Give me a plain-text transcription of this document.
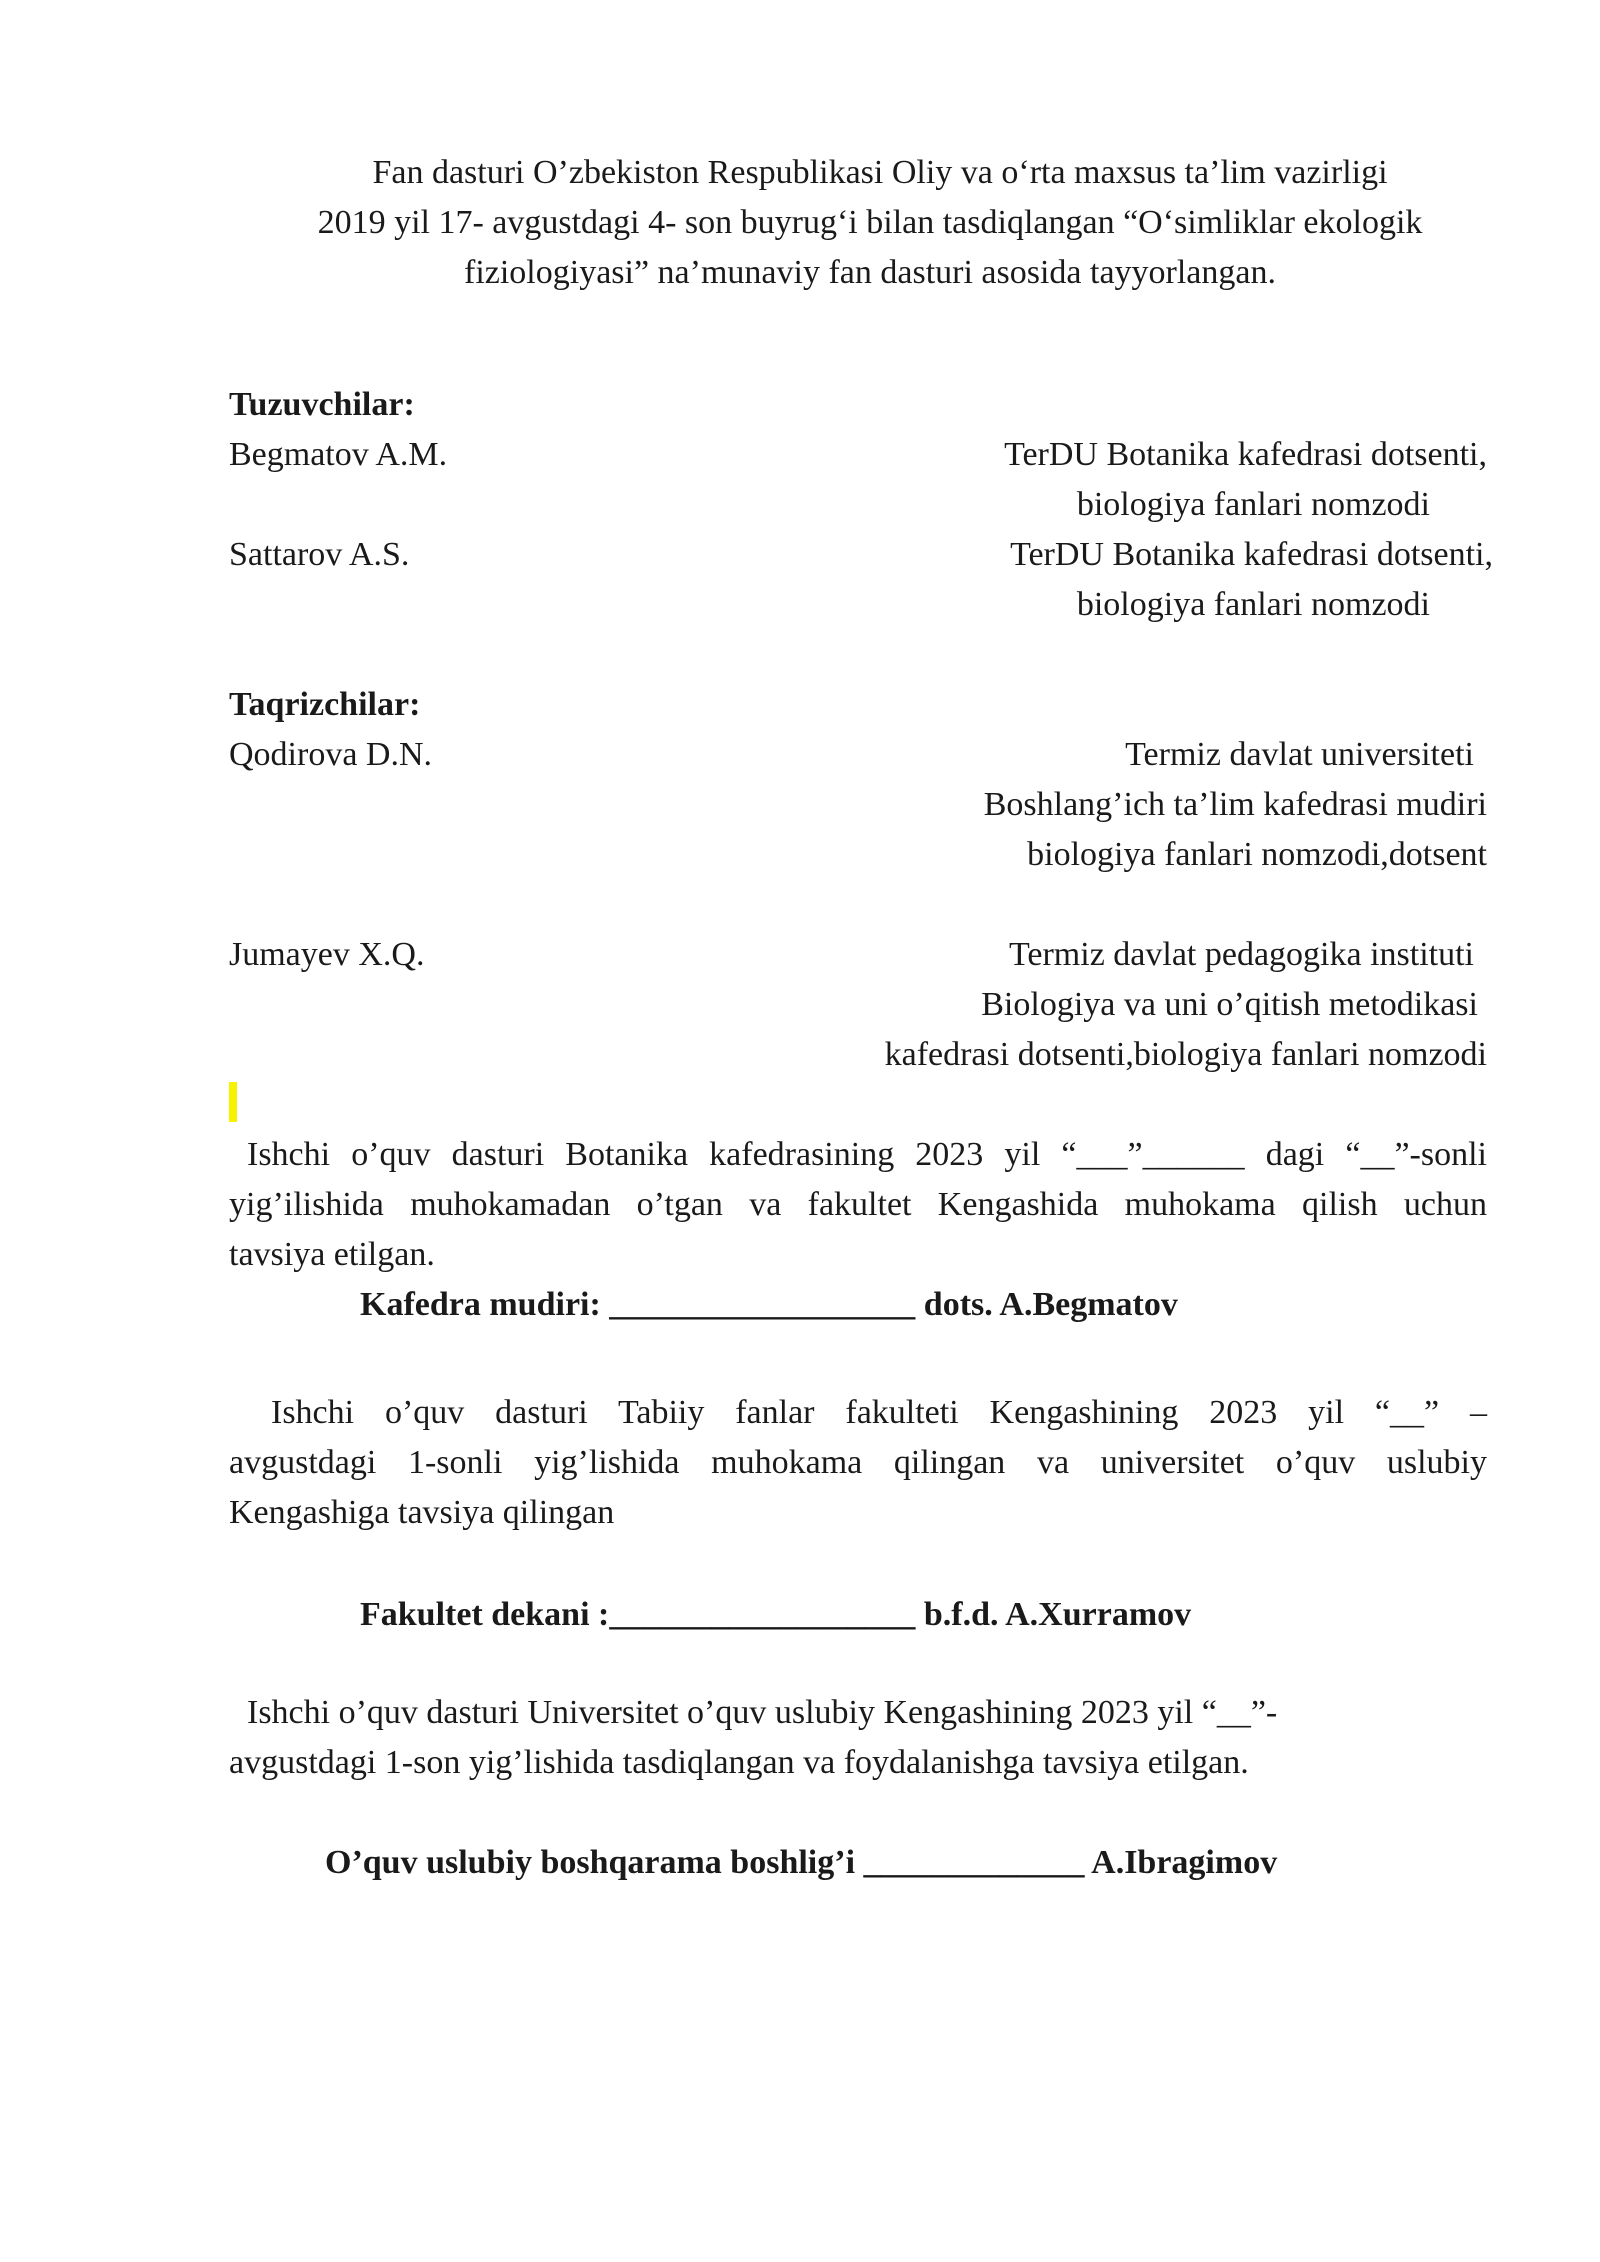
Fan dasturi O’zbekiston Respublikasi Oliy va o‘rta maxsus ta’lim vazirligi
2019 yil 17- avgustdagi 4- son buyrug‘i bilan tasdiqlangan “O‘simliklar ekologik
fiziologiyasi” na’munaviy fan dasturi asosida tayyorlangan.
Tuzuvchilar:
Begmatov A.M.	TerDU Botanika kafedrasi dotsenti,
biologiya fanlari nomzodi
Sattarov A.S.	TerDU Botanika kafedrasi dotsenti,
biologiya fanlari nomzodi
Taqrizchilar:
Qodirova D.N.	Termiz davlat universiteti
Boshlang’ich ta’lim kafedrasi mudiri
biologiya fanlari nomzodi,dotsent
Jumayev X.Q.	Termiz davlat pedagogika instituti
Biologiya va uni o’qitish metodikasi
kafedrasi dotsenti,biologiya fanlari nomzodi
Ishchi o’quv dasturi Botanika kafedrasining 2023 yil “___”______ dagi “__”-sonli
yig’ilishida muhokamadan o’tgan va fakultet Kengashida muhokama qilish uchun
tavsiya etilgan.
Kafedra mudiri: __________________ dots. A.Begmatov
Ishchi o’quv dasturi Tabiiy fanlar fakulteti Kengashining 2023 yil “__” –
avgustdagi 1-sonli yig’lishida muhokama qilingan va universitet o’quv uslubiy
Kengashiga tavsiya qilingan
Fakultet dekani :__________________ b.f.d. A.Xurramov
Ishchi o’quv dasturi Universitet o’quv uslubiy Kengashining 2023 yil “__”-
avgustdagi 1-son yig’lishida tasdiqlangan va foydalanishga tavsiya etilgan.
O’quv uslubiy boshqarama boshlig’i _____________ A.Ibragimov
